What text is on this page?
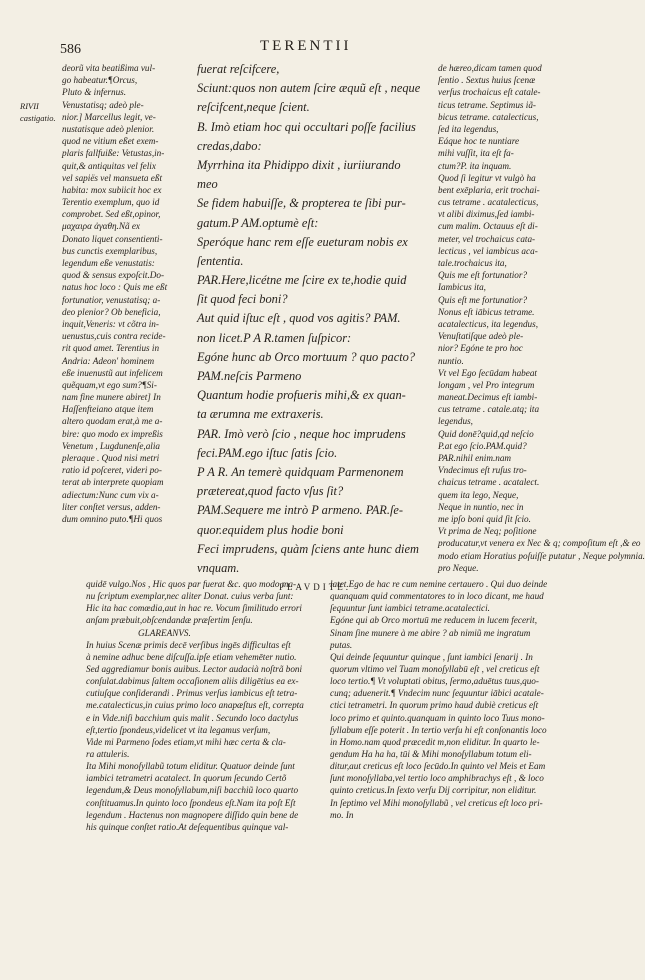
586	TERENTII
RIVII
castigatio.
deorũ vita beatißima vul-
go habeatur.¶Orcus,
Pluto & infernus.
Venustatisq; adeò ple-
nior.] Marcellus legit, ve-
nustatisque adeò plenior.
quod ne vitium eßet exem-
plaris fallfuiße: Vetustas,in-
quit,& antiquitas vel felix
vel sapiës vel mansueta eßt
habita: mox subiicit hoc ex
Terentio exemplum, quo id
comprobet. Sed eßt,opinor,
μαχαιρα ἀγαθη.Nã ex
Donato liquet consentienti-
bus cunctis exemplaribus,
legendum eße venustatis:
quod & sensus expoſcit.Do-
natus hoc loco : Quis me eßt
fortunatior, venustatisq; a-
deo plenior? Ob beneficia,
inquit,Veneris: vt cõtra in-
uenustus,cuis contra recide-
rit quod amet. Terentius in
Andria: Adeon' hominem
eße inuenustũ aut infelicem
quẽquam,vt ego sum?¶Si-
nam fine munere abiret] In
Haſſenfteiano atque item
altero quodam erat,à me a-
bire: quo modo ex impreßis
Venetum , Lugdunenſe,alia
pleraque . Quod nisi metri
ratio id poſceret, videri po-
terat ab interprete quopiam
adiectum:Nunc cum vix a-
liter conſtet versus, adden-
dum omnino puto.¶Hi quos
fuerat reſcifcere,
Sciunt:quos non autem ſcire æquũ eſt , neque
reſcifcent,neque ſcient.
B. Imò etiam hoc qui occultari poſſe facilius
credas,dabo:
Myrrhina ita Phidippo dixit , iuriiurando
meo
Se fidem habuiſſe, & propterea te ſibi pur-
gatum.P AM.optumè eſt:
Speróque hanc rem eſſe eueturam nobis ex
ſententia.
PAR.Here,licétne me ſcire ex te,hodie quid
ſit quod feci boni?
Aut quid iſtuc eſt , quod vos agitis? PAM.
non licet.P A R.tamen ſuſpicor:
Egóne hunc ab Orco mortuum ? quo pacto?
PAM.neſcis Parmeno
Quantum hodie profueris mihi,& ex quan-
ta ærumna me extraxeris.
PAR. Imò verò ſcio , neque hoc imprudens
feci.PAM.ego iſtuc ſatis ſcio.
P A R. An temerè quidquam Parmenonem
prætereat,quod facto vſus ſit?
PAM.Sequere me intrò P armeno. PAR.ſe-
quor.equidem plus hodie boni
Feci imprudens, quàm ſciens ante hunc diem
vnquam.
PLAVDITE.
de hæreo,dicam tamen quod
ſentio . Sextus huius ſcenæ
verſus trochaicus eſt catale-
ticus tetrame. Septimus iã-
bicus tetrame. catalecticus,
ſed ita legendus,
Eáque hoc te nuntiare
mihi vuſſit, ita eſt fa-
ctum?P. ita inquam.
Quod ſi legitur vt vulgò ha
bent exēplaria, erit trochai-
cus tetrame . acatalecticus,
vt alibi diximus,ſed iambi-
cum malim. Octauus eſt di-
meter, vel trochaicus cata-
lecticus , vel iambicus aca-
tale.trochaicus ita,
Quis me eſt fortunatior?
Iambicus ita,
Quis eſt me fortunatior?
Nonus eſt iābicus tetrame.
acatalecticus, ita legendus,
Venuſtatiſque adeò ple-
nior? Egóne te pro hoc
nuntio.
Vt vel Ego ſecūdam habeat
longam , vel Pro integrum
maneat.Decimus eſt iambi-
cus tetrame . catale.atq; ita
legendus,
Quid donē?quid,qd neſcio
P.at ego ſcio.PAM.quid?
PAR.nihil enim.nam
Vndecimus eſt ruſus tro-
chaicus tetrame . acatalect.
quem ita lego, Neque,
Neque in nuntio, nec in
me ipſo boni quid ſit ſcio.
Vt prima de Neq; poſitione
producatur,vt venera ex Nec & q; compoſitum eſt ,& eo
modo etiam Horatius poſuiſſe putatur , Neque polymnia.
pro Neque.
quidē vulgo.Nos , Hic quos par fuerat &c. quo modo ma-
nu ſcriptum exemplar,nec aliter Donat. cuius verba ſunt:
Hic ita hac comœdia,aut in hac re. Vocum ſimilitudo errori
anſam præbuit,obſcendandæ præſertim ſenſu.
GLAREANVS.
In huius Scenæ primis decē verſibus ingēs difficultas eſt
à nemine adhuc bene diſcuſſa.ipſe etiam vehemēter nutio.
Sed aggrediamur bonis auibus. Lector audacià noſtrã boni
conſulat.dabimus ſaltem occaſionem aliis diligētius ea ex-
cutiuſque conſiderandi . Primus verſus iambicus eſt tetra-
me.catalecticus,in cuius primo loco anapæſtus eſt, correpta
e in Vide.niſi bacchium quis malit . Secundo loco dactylus
eſt,tertio ſpondeus,videlicet vt ita legamus verſum,
Vide mi Parmeno ſodes etiam,vt mihi hæc certa & cla-
ra attuleris.
Ita Mihi monoſyllabũ totum eliditur. Quatuor deinde ſunt
iambici tetrametri acatalect. In quorum ſecundo Certõ
legendum,& Deus monoſyllabum,niſi bacchiũ loco quarto
conſtituamus.In quinto loco ſpondeus eſt.Nam ita poſt Eſt
legendum . Hactenus non magnopere diſſido quin bene de
his quinque conſtet ratio.At deſequentibus quinque val-
latet.Ego de hac re cum nemine certauero . Qui duo deinde
quanquam quid commentatores to in loco dicant, me haud
ſequuntur ſunt iambici tetrame.acatalectici.
Egóne qui ab Orco mortuū me reducem in lucem fecerit,
Sinam ſine munere à me abire ? ab nimiũ me ingratum
putas.
Qui deinde ſequuntur quinque , ſunt iambici ſenarij . In
quorum vltimo vel Tuam monoſyllabū eſt , vel creticus eſt
loco tertio.¶ Vt voluptati obitus, ſermo,aduētus tuus,quo-
cunq; aduenerit.¶ Vndecim nunc ſequuntur iābici acatale-
ctici tetrametri. In quorum primo haud dubiè creticus eſt
loco primo et quinto.quanquam in quinto loco Tuus mono-
ſyllabum eſſe poterit . In tertio verſu hi eſt conſonantis loco
in Homo.nam quod præcedit m,non eliditur. In quarto le-
gendum Ha ha ha, tūi & Mihi monoſyllabum totum eli-
ditur,aut creticus eſt loco ſecūdo.In quinto vel Meis et Eam
ſunt monoſyllaba,vel tertio loco amphibrachys eſt , & loco
quinto creticus.In ſexto verſu Dij corripitur, non eliditur.
In ſeptimo vel Mihi monoſyllabũ , vel creticus eſt loco pri-
mo. In
